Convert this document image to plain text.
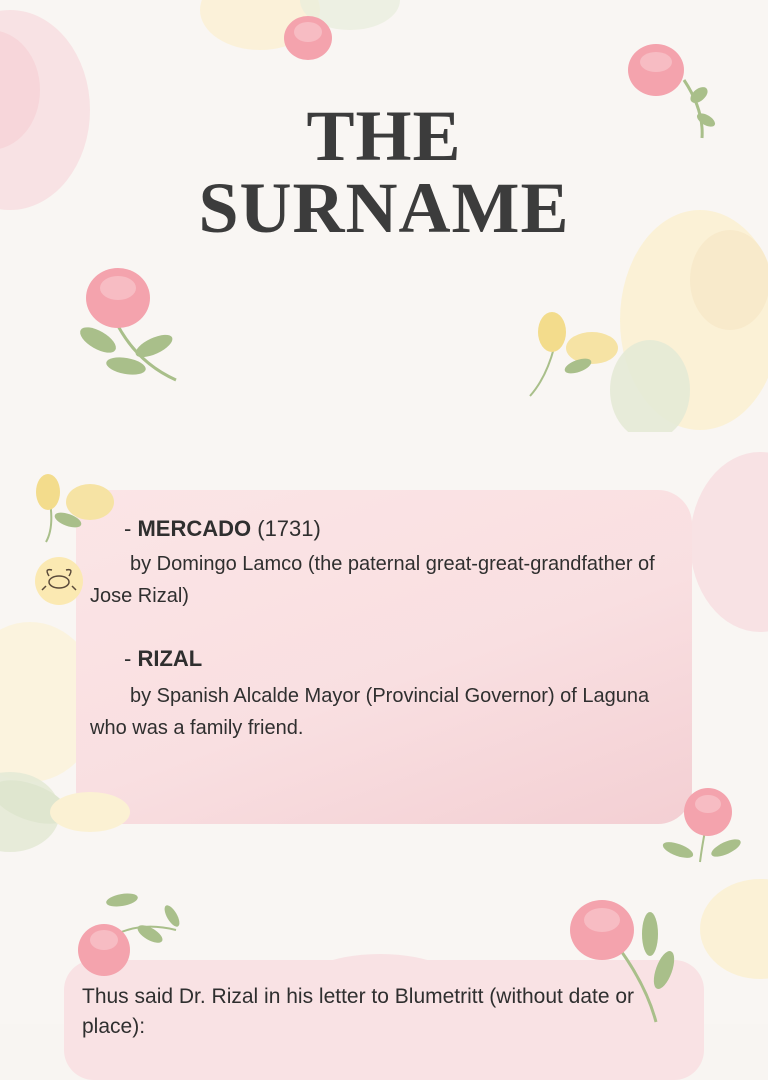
THE
SURNAME
- MERCADO (1731)
by Domingo Lamco (the paternal great-great-grandfather of Jose Rizal)
- RIZAL
by Spanish Alcalde Mayor (Provincial Governor) of Laguna who was a family friend.
Thus said Dr. Rizal in his letter to Blumetritt (without date or place):
